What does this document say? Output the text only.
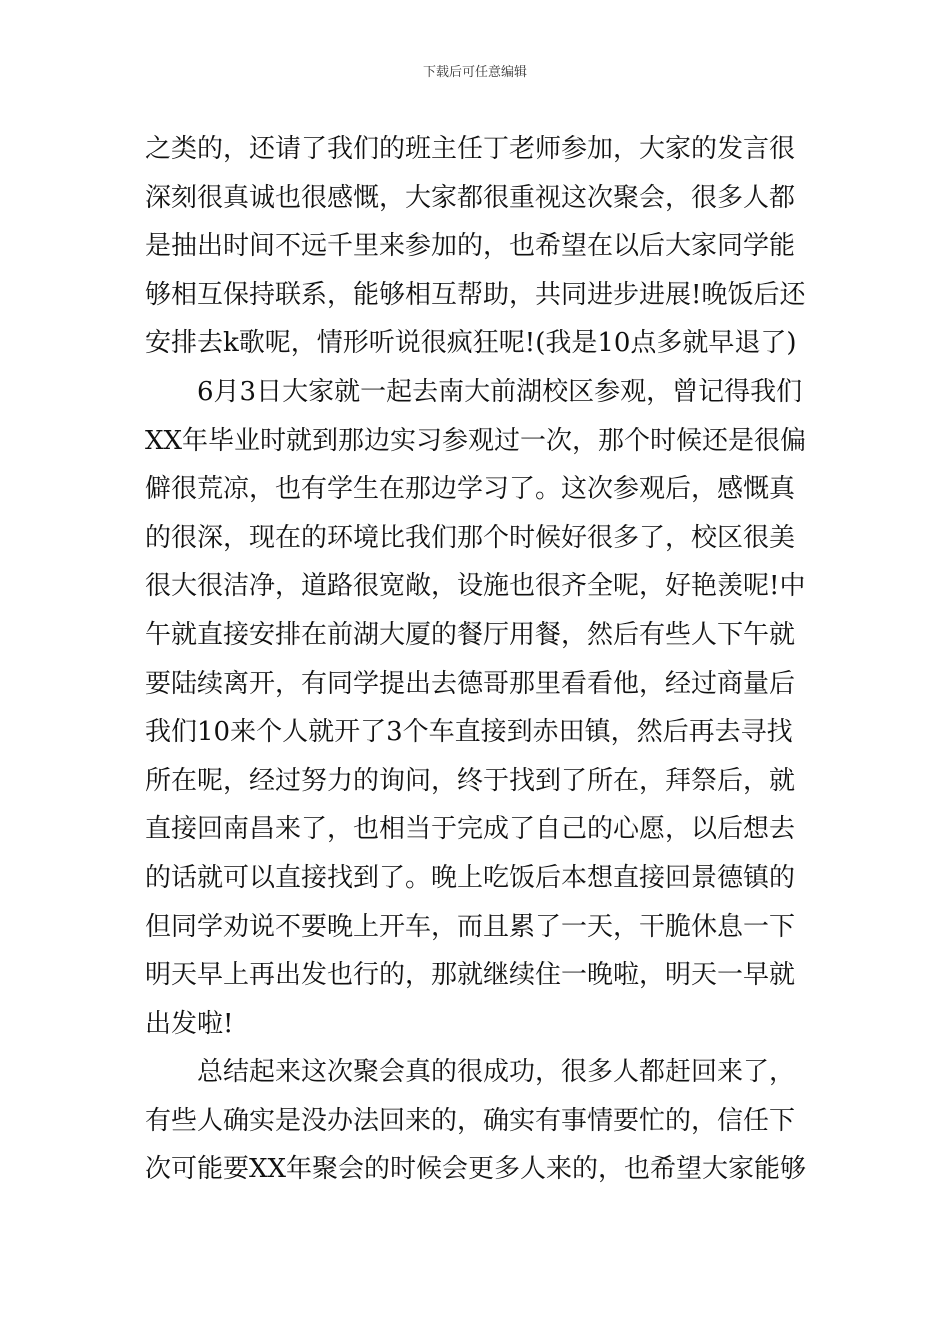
下载后可任意编辑
之类的，还请了我们的班主任丁老师参加，大家的发言很
深刻很真诚也很感慨，大家都很重视这次聚会，很多人都
是抽出时间不远千里来参加的，也希望在以后大家同学能
够相互保持联系，能够相互帮助，共同进步进展!晚饭后还
安排去k歌呢，情形听说很疯狂呢!(我是10点多就早退了)
6月3日大家就一起去南大前湖校区参观，曾记得我们
XX年毕业时就到那边实习参观过一次，那个时候还是很偏
僻很荒凉，也有学生在那边学习了。这次参观后，感慨真
的很深，现在的环境比我们那个时候好很多了，校区很美
很大很洁净，道路很宽敞，设施也很齐全呢，好艳羡呢!中
午就直接安排在前湖大厦的餐厅用餐，然后有些人下午就
要陆续离开，有同学提出去德哥那里看看他，经过商量后
我们10来个人就开了3个车直接到赤田镇，然后再去寻找
所在呢，经过努力的询问，终于找到了所在，拜祭后，就
直接回南昌来了，也相当于完成了自己的心愿，以后想去
的话就可以直接找到了。晚上吃饭后本想直接回景德镇的
但同学劝说不要晚上开车，而且累了一天，干脆休息一下
明天早上再出发也行的，那就继续住一晚啦，明天一早就
出发啦!
总结起来这次聚会真的很成功，很多人都赶回来了，
有些人确实是没办法回来的，确实有事情要忙的，信任下
次可能要XX年聚会的时候会更多人来的，也希望大家能够
